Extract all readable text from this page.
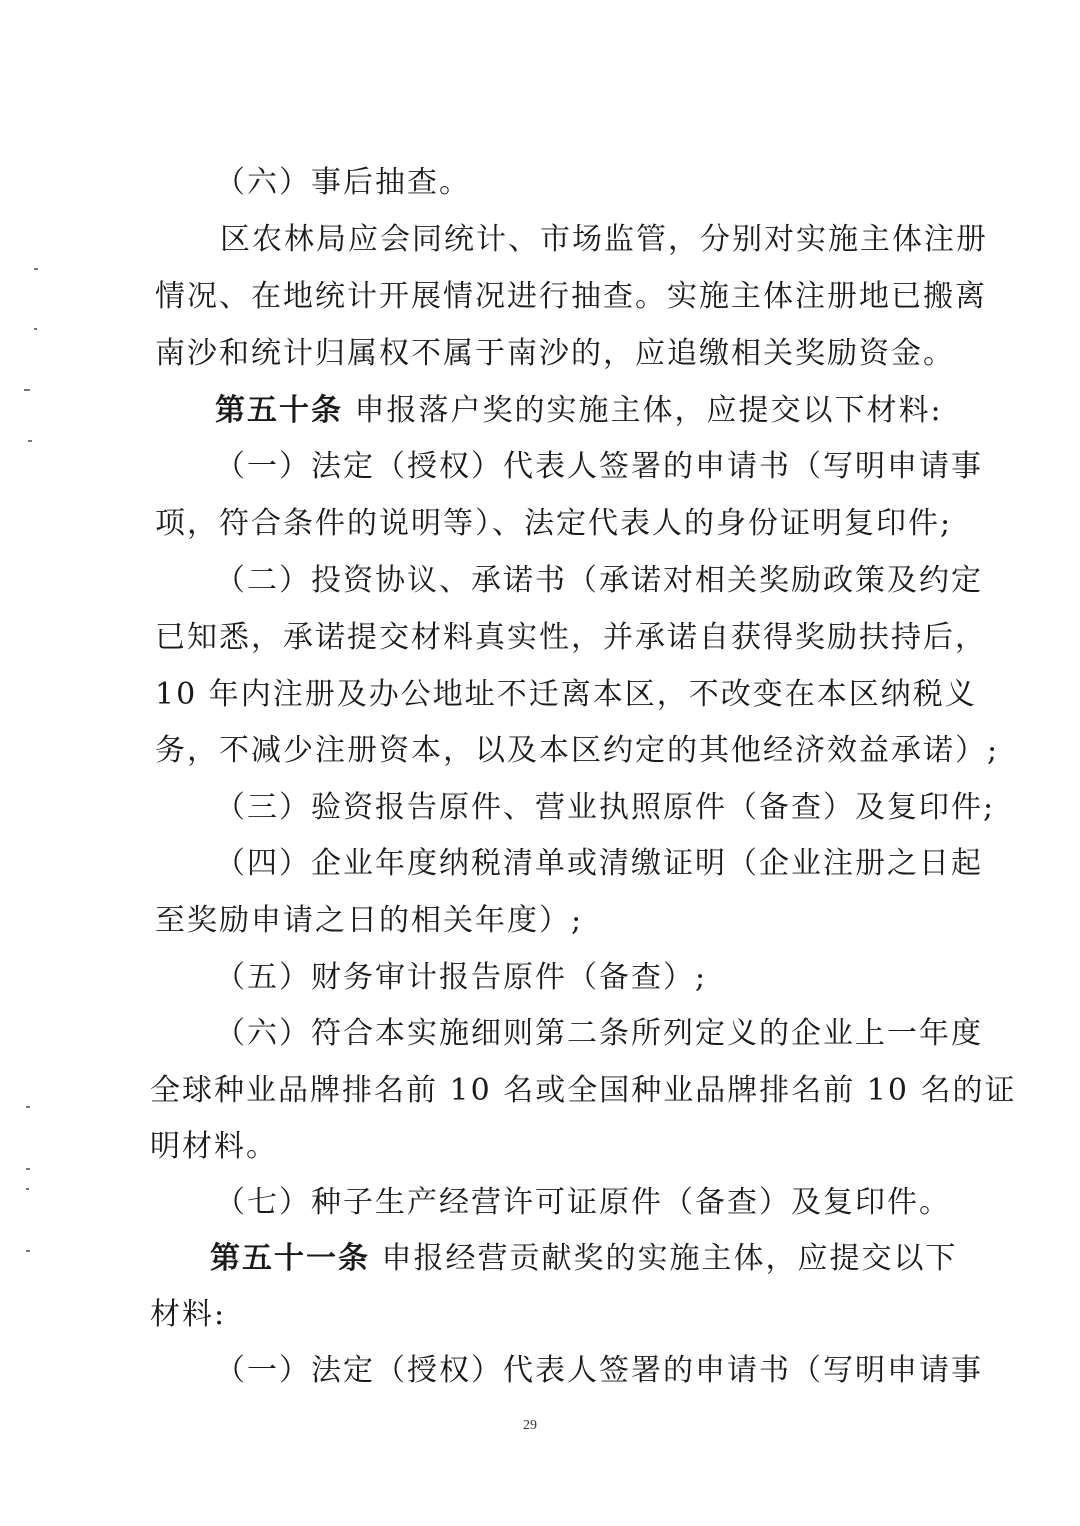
（六）事后抽查。
区农林局应会同统计、市场监管，分别对实施主体注册
情况、在地统计开展情况进行抽查。实施主体注册地已搬离
南沙和统计归属权不属于南沙的，应追缴相关奖励资金。
第五十条 申报落户奖的实施主体，应提交以下材料:
（一）法定（授权）代表人签署的申请书（写明申请事
项，符合条件的说明等）、法定代表人的身份证明复印件;
（二）投资协议、承诺书（承诺对相关奖励政策及约定
已知悉，承诺提交材料真实性，并承诺自获得奖励扶持后，
10 年内注册及办公地址不迁离本区，不改变在本区纳税义
务，不减少注册资本，以及本区约定的其他经济效益承诺）;
（三）验资报告原件、营业执照原件（备查）及复印件;
（四）企业年度纳税清单或清缴证明（企业注册之日起
至奖励申请之日的相关年度）;
（五）财务审计报告原件（备查）;
（六）符合本实施细则第二条所列定义的企业上一年度
全球种业品牌排名前 10 名或全国种业品牌排名前 10 名的证
明材料。
（七）种子生产经营许可证原件（备查）及复印件。
第五十一条 申报经营贡献奖的实施主体，应提交以下
材料:
（一）法定（授权）代表人签署的申请书（写明申请事
29
